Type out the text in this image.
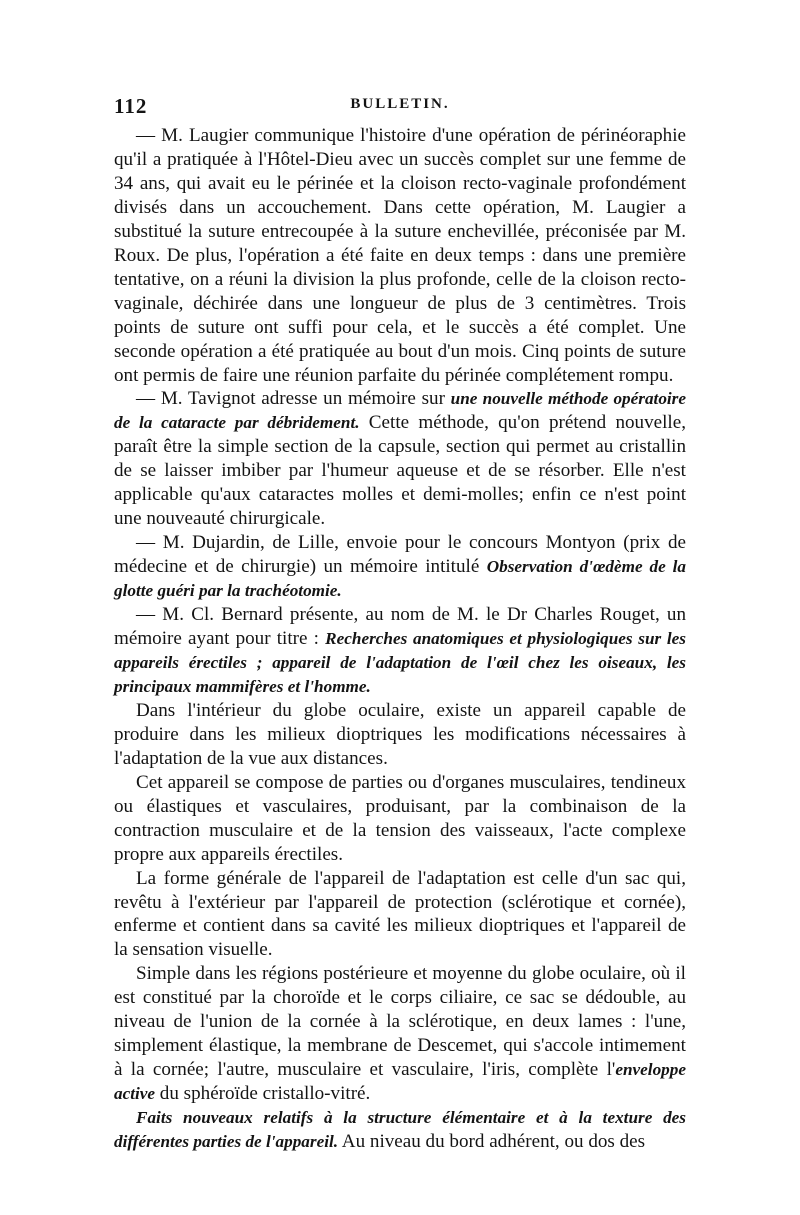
112	BULLETIN.

— M. Laugier communique l'histoire d'une opération de périnéoraphie qu'il a pratiquée à l'Hôtel-Dieu avec un succès complet sur une femme de 34 ans, qui avait eu le périnée et la cloison recto-vaginale profondément divisés dans un accouchement. Dans cette opération, M. Laugier a substitué la suture entrecoupée à la suture enchevillée, préconisée par M. Roux. De plus, l'opération a été faite en deux temps : dans une première tentative, on a réuni la division la plus profonde, celle de la cloison recto-vaginale, déchirée dans une longueur de plus de 3 centimètres. Trois points de suture ont suffi pour cela, et le succès a été complet. Une seconde opération a été pratiquée au bout d'un mois. Cinq points de suture ont permis de faire une réunion parfaite du périnée complétement rompu.

— M. Tavignot adresse un mémoire sur une nouvelle méthode opératoire de la cataracte par débridement. Cette méthode, qu'on prétend nouvelle, paraît être la simple section de la capsule, section qui permet au cristallin de se laisser imbiber par l'humeur aqueuse et de se résorber. Elle n'est applicable qu'aux cataractes molles et demi-molles; enfin ce n'est point une nouveauté chirurgicale.

— M. Dujardin, de Lille, envoie pour le concours Montyon (prix de médecine et de chirurgie) un mémoire intitulé Observation d'œdème de la glotte guéri par la trachéotomie.

— M. Cl. Bernard présente, au nom de M. le Dr Charles Rouget, un mémoire ayant pour titre : Recherches anatomiques et physiologiques sur les appareils érectiles ; appareil de l'adaptation de l'œil chez les oiseaux, les principaux mammifères et l'homme.

Dans l'intérieur du globe oculaire, existe un appareil capable de produire dans les milieux dioptriques les modifications nécessaires à l'adaptation de la vue aux distances.

Cet appareil se compose de parties ou d'organes musculaires, tendineux ou élastiques et vasculaires, produisant, par la combinaison de la contraction musculaire et de la tension des vaisseaux, l'acte complexe propre aux appareils érectiles.

La forme générale de l'appareil de l'adaptation est celle d'un sac qui, revêtu à l'extérieur par l'appareil de protection (sclérotique et cornée), enferme et contient dans sa cavité les milieux dioptriques et l'appareil de la sensation visuelle.

Simple dans les régions postérieure et moyenne du globe oculaire, où il est constitué par la choroïde et le corps ciliaire, ce sac se dédouble, au niveau de l'union de la cornée à la sclérotique, en deux lames : l'une, simplement élastique, la membrane de Descemet, qui s'accole intimement à la cornée; l'autre, musculaire et vasculaire, l'iris, complète l'enveloppe active du sphéroïde cristallo-vitré.

Faits nouveaux relatifs à la structure élémentaire et à la texture des différentes parties de l'appareil. Au niveau du bord adhérent, ou dos des
